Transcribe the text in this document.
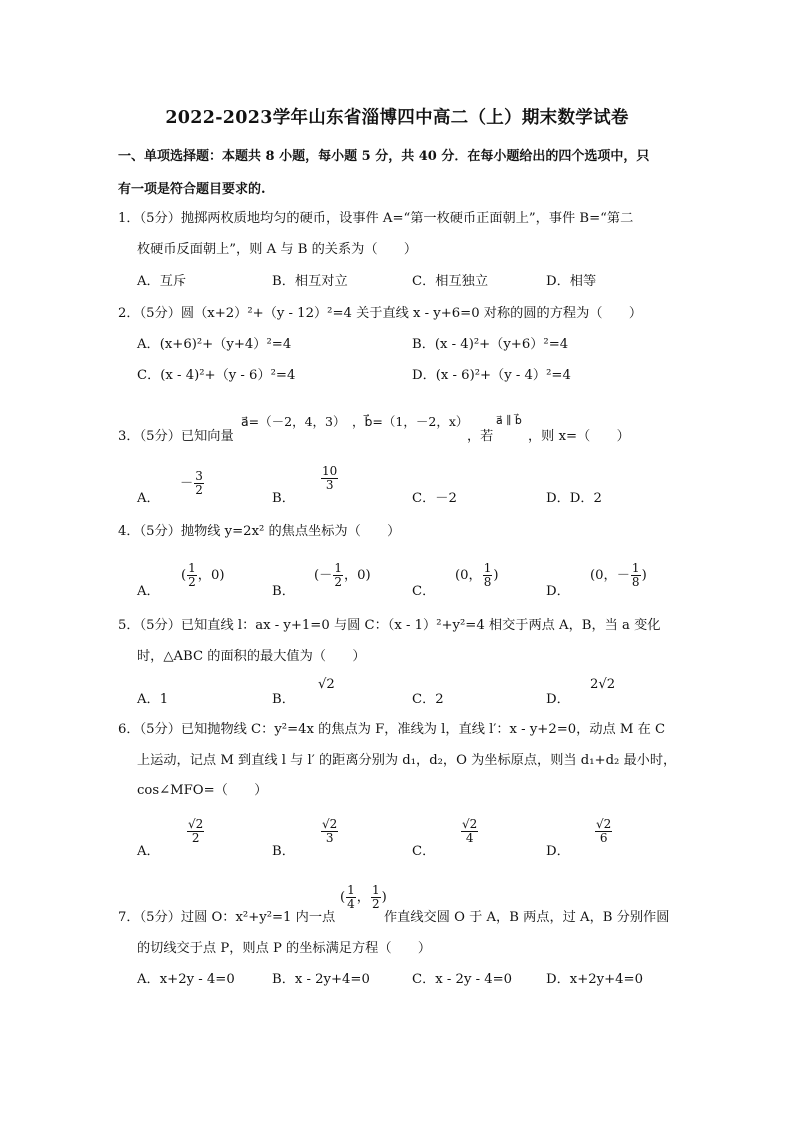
2022-2023学年山东省淄博四中高二（上）期末数学试卷
一、单项选择题：本题共 8 小题，每小题 5 分，共 40 分．在每小题给出的四个选项中，只
有一项是符合题目要求的.
1．（5分）抛掷两枚质地均匀的硬币，设事件 A=“第一枚硬币正面朝上”，事件 B=“第二
枚硬币反面朝上”，则 A 与 B 的关系为（　　）
A．互斥	B．相互对立	C．相互独立	D．相等
2．（5分）圆（x+2）²+（y - 12）²=4 关于直线 x - y+6=0 对称的圆的方程为（　　）
A．(x+6)²+（y+4）²=4	B．(x - 4)²+（y+6）²=4
C．(x - 4)²+（y - 6）²=4	D．(x - 6)²+（y - 4）²=4
3．（5分）已知向量
a⃗=（－2，4，3） ，b⃗=（1，－2，x）
，若
a⃗ ∥ b⃗
，则 x=（　　）
A．
－ $\frac{3}{2}$
B．
$\frac{10}{3}$
C．－2	D．D．2
4．（5分）抛物线 y=2x² 的焦点坐标为（　　）
A．
( $\frac{1}{2}$ ，0)
B．
(－ $\frac{1}{2}$ ，0)
C．
(0， $\frac{1}{8}$ )
D．
(0，－ $\frac{1}{8}$ )
5．（5分）已知直线 l：ax - y+1=0 与圆 C：（x - 1）²+y²=4 相交于两点 A，B，当 a 变化
时，△ABC 的面积的最大值为（　　）
A．1	B．
√2
C．2	D．
2√2
6．（5分）已知抛物线 C：y²=4x 的焦点为 F，准线为 l，直线 l′：x - y+2=0，动点 M 在 C
上运动，记点 M 到直线 l 与 l′ 的距离分别为 d₁，d₂，O 为坐标原点，则当 d₁+d₂ 最小时，
cos∠MFO=（　　）
A．
$\frac{√2}{2}$
B．
$\frac{√2}{3}$
C．
$\frac{√2}{4}$
D．
$\frac{√2}{6}$
7．（5分）过圆 O：x²+y²=1 内一点
( $\frac{1}{4}$ ， $\frac{1}{2}$ )
作直线交圆 O 于 A，B 两点，过 A，B 分别作圆
的切线交于点 P，则点 P 的坐标满足方程（　　）
A．x+2y - 4=0	B．x - 2y+4=0	C．x - 2y - 4=0	D．x+2y+4=0
